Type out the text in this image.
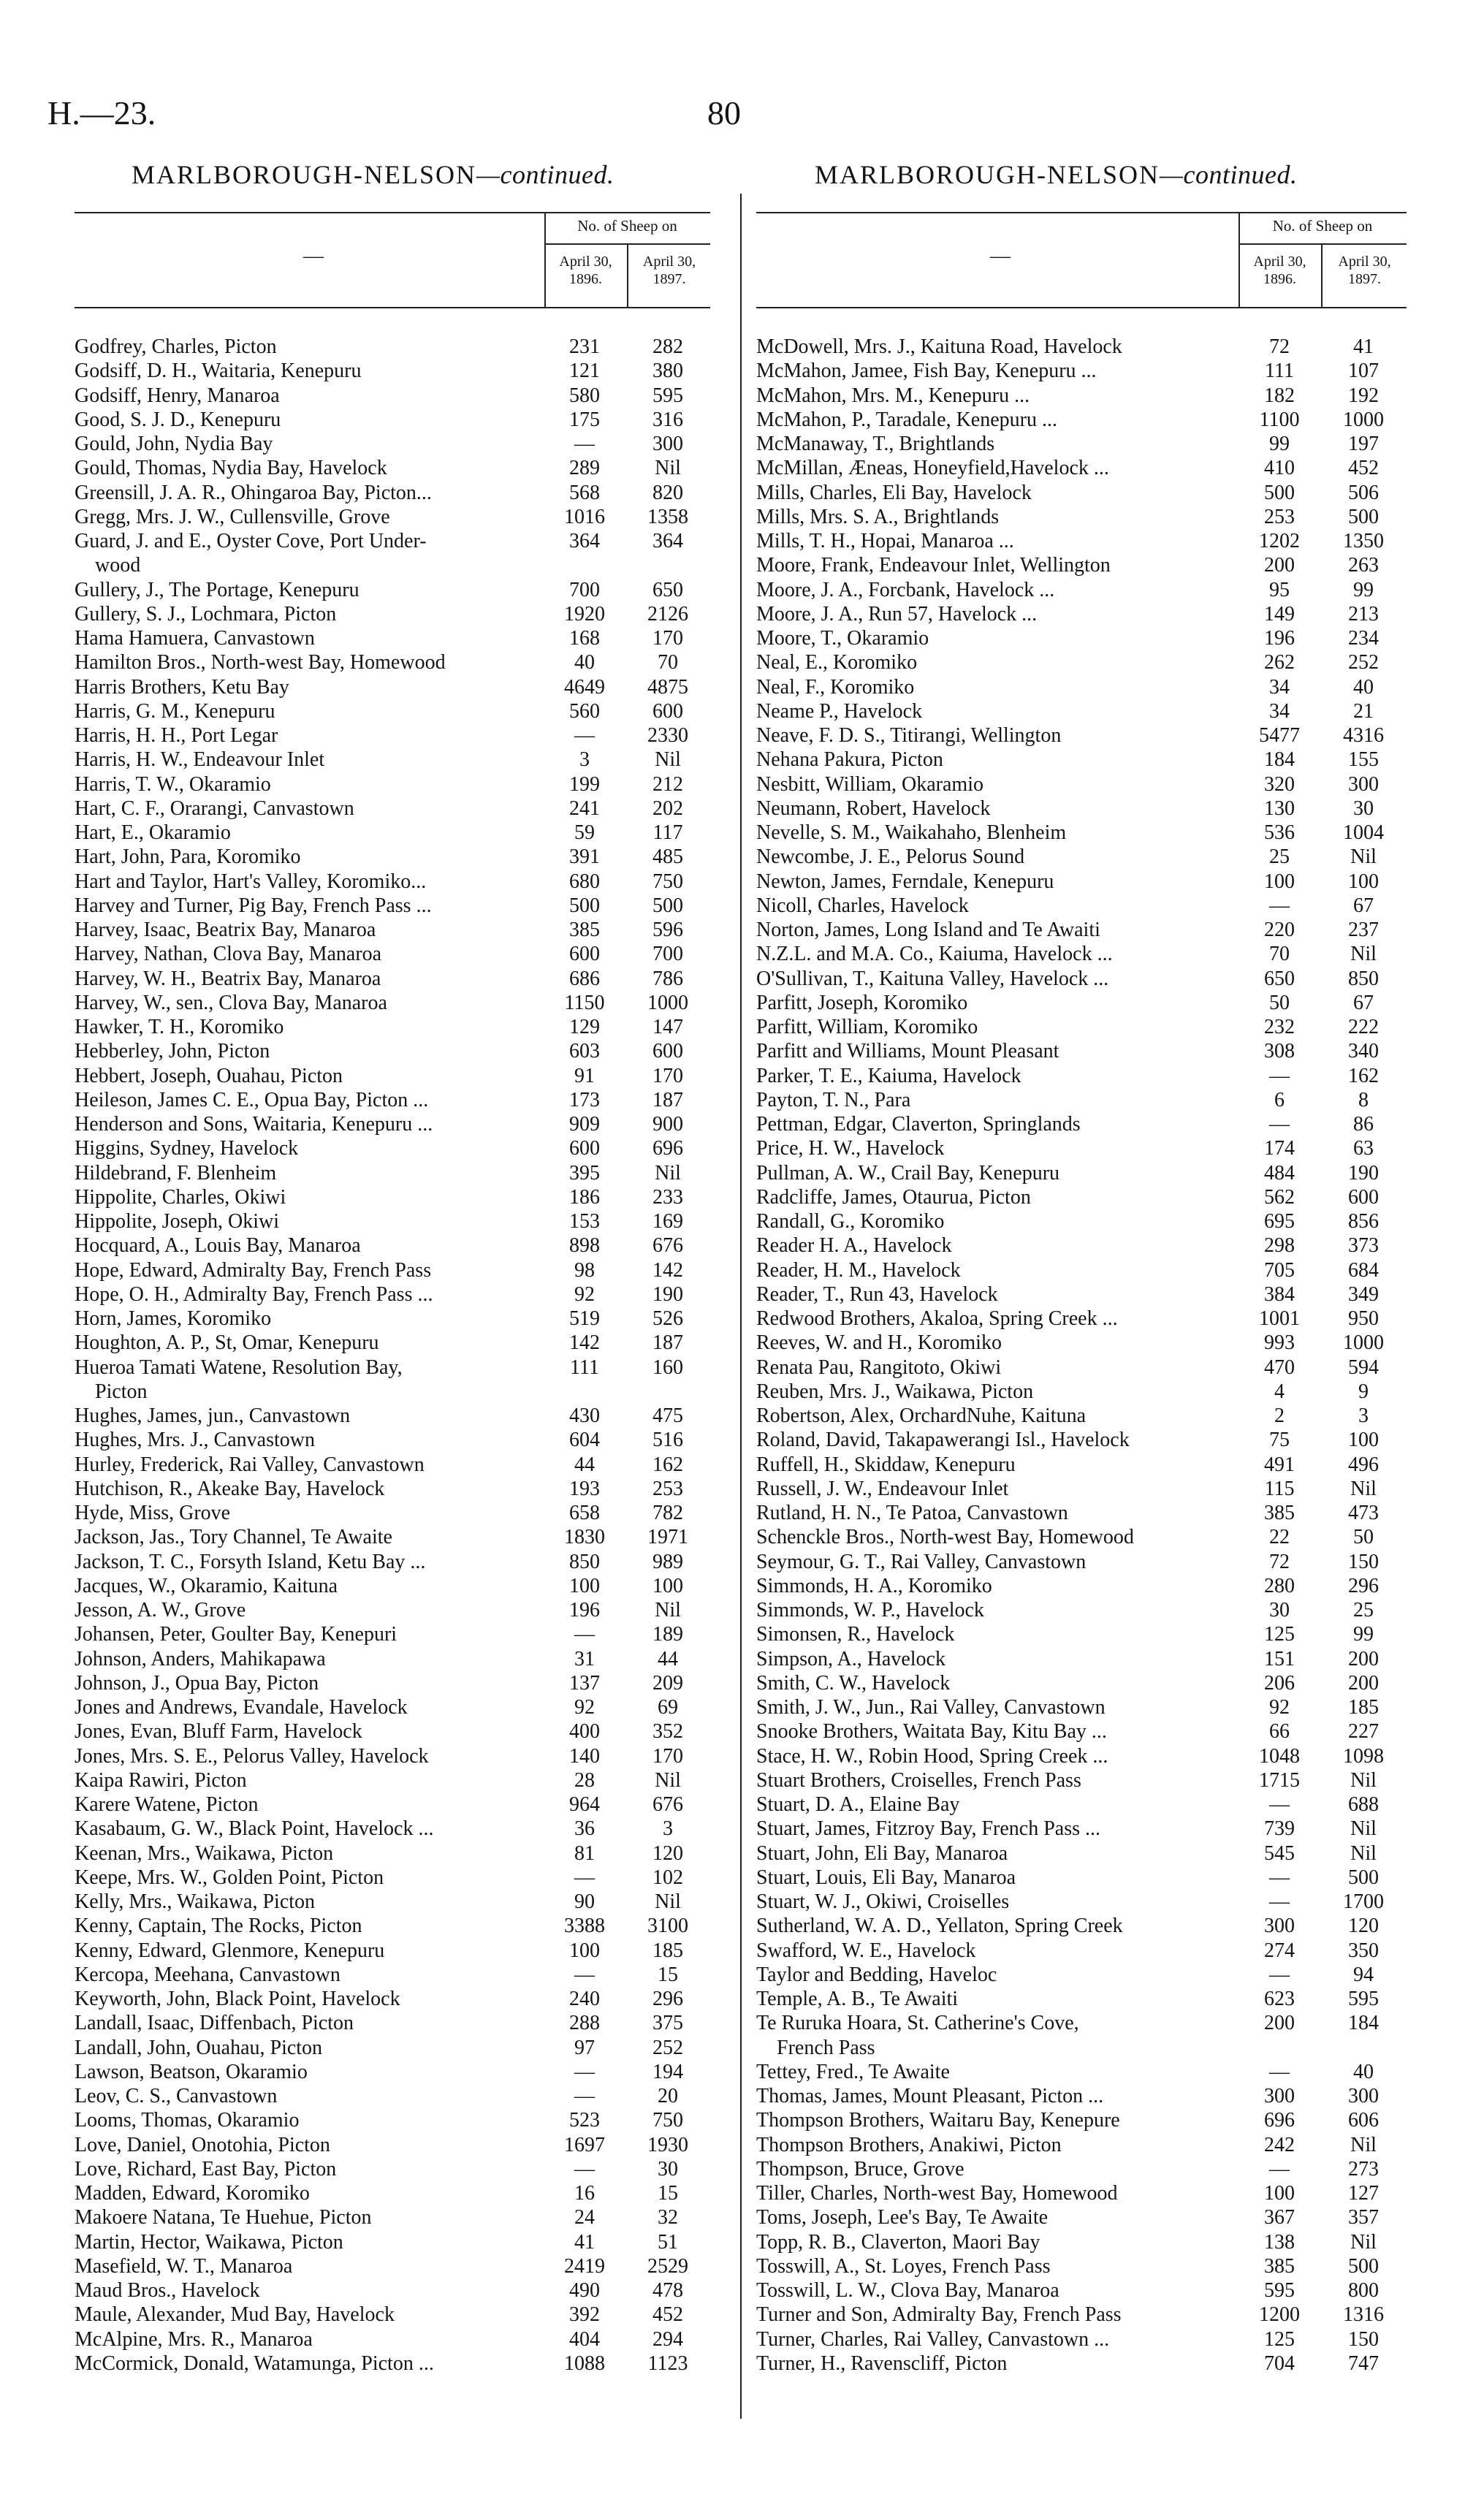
H.—23.	80
MARLBOROUGH-NELSON—continued.
—
No. of Sheep on
April 30,
1896.
April 30,
1897.
Godfrey, Charles, Picton	231	282
Godsiff, D. H., Waitaria, Kenepuru	121	380
Godsiff, Henry, Manaroa	580	595
Good, S. J. D., Kenepuru	175	316
Gould, John, Nydia Bay	—	300
Gould, Thomas, Nydia Bay, Havelock	289	Nil
Greensill, J. A. R., Ohingaroa Bay, Picton...	568	820
Gregg, Mrs. J. W., Cullensville, Grove	1016	1358
Guard, J. and E., Oyster Cove, Port Under-	364	364
wood
Gullery, J., The Portage, Kenepuru	700	650
Gullery, S. J., Lochmara, Picton	1920	2126
Hama Hamuera, Canvastown	168	170
Hamilton Bros., North-west Bay, Homewood	40	70
Harris Brothers, Ketu Bay	4649	4875
Harris, G. M., Kenepuru	560	600
Harris, H. H., Port Legar	—	2330
Harris, H. W., Endeavour Inlet	3	Nil
Harris, T. W., Okaramio	199	212
Hart, C. F., Orarangi, Canvastown	241	202
Hart, E., Okaramio	59	117
Hart, John, Para, Koromiko	391	485
Hart and Taylor, Hart's Valley, Koromiko...	680	750
Harvey and Turner, Pig Bay, French Pass ...	500	500
Harvey, Isaac, Beatrix Bay, Manaroa	385	596
Harvey, Nathan, Clova Bay, Manaroa	600	700
Harvey, W. H., Beatrix Bay, Manaroa	686	786
Harvey, W., sen., Clova Bay, Manaroa	1150	1000
Hawker, T. H., Koromiko	129	147
Hebberley, John, Picton	603	600
Hebbert, Joseph, Ouahau, Picton	91	170
Heileson, James C. E., Opua Bay, Picton ...	173	187
Henderson and Sons, Waitaria, Kenepuru ...	909	900
Higgins, Sydney, Havelock	600	696
Hildebrand, F. Blenheim	395	Nil
Hippolite, Charles, Okiwi	186	233
Hippolite, Joseph, Okiwi	153	169
Hocquard, A., Louis Bay, Manaroa	898	676
Hope, Edward, Admiralty Bay, French Pass	98	142
Hope, O. H., Admiralty Bay, French Pass ...	92	190
Horn, James, Koromiko	519	526
Houghton, A. P., St, Omar, Kenepuru	142	187
Hueroa Tamati Watene, Resolution Bay,	111	160
Picton
Hughes, James, jun., Canvastown	430	475
Hughes, Mrs. J., Canvastown	604	516
Hurley, Frederick, Rai Valley, Canvastown	44	162
Hutchison, R., Akeake Bay, Havelock	193	253
Hyde, Miss, Grove	658	782
Jackson, Jas., Tory Channel, Te Awaite	1830	1971
Jackson, T. C., Forsyth Island, Ketu Bay ...	850	989
Jacques, W., Okaramio, Kaituna	100	100
Jesson, A. W., Grove	196	Nil
Johansen, Peter, Goulter Bay, Kenepuri	—	189
Johnson, Anders, Mahikapawa	31	44
Johnson, J., Opua Bay, Picton	137	209
Jones and Andrews, Evandale, Havelock	92	69
Jones, Evan, Bluff Farm, Havelock	400	352
Jones, Mrs. S. E., Pelorus Valley, Havelock	140	170
Kaipa Rawiri, Picton	28	Nil
Karere Watene, Picton	964	676
Kasabaum, G. W., Black Point, Havelock ...	36	3
Keenan, Mrs., Waikawa, Picton	81	120
Keepe, Mrs. W., Golden Point, Picton	—	102
Kelly, Mrs., Waikawa, Picton	90	Nil
Kenny, Captain, The Rocks, Picton	3388	3100
Kenny, Edward, Glenmore, Kenepuru	100	185
Kercopa, Meehana, Canvastown	—	15
Keyworth, John, Black Point, Havelock	240	296
Landall, Isaac, Diffenbach, Picton	288	375
Landall, John, Ouahau, Picton	97	252
Lawson, Beatson, Okaramio	—	194
Leov, C. S., Canvastown	—	20
Looms, Thomas, Okaramio	523	750
Love, Daniel, Onotohia, Picton	1697	1930
Love, Richard, East Bay, Picton	—	30
Madden, Edward, Koromiko	16	15
Makoere Natana, Te Huehue, Picton	24	32
Martin, Hector, Waikawa, Picton	41	51
Masefield, W. T., Manaroa	2419	2529
Maud Bros., Havelock	490	478
Maule, Alexander, Mud Bay, Havelock	392	452
McAlpine, Mrs. R., Manaroa	404	294
McCormick, Donald, Watamunga, Picton ...	1088	1123
MARLBOROUGH-NELSON—continued.
—
No. of Sheep on
April 30,
1896.
April 30,
1897.
McDowell, Mrs. J., Kaituna Road, Havelock	72	41
McMahon, Jamee, Fish Bay, Kenepuru ...	111	107
McMahon, Mrs. M., Kenepuru ...	182	192
McMahon, P., Taradale, Kenepuru ...	1100	1000
McManaway, T., Brightlands	99	197
McMillan, Æneas, Honeyfield,Havelock ...	410	452
Mills, Charles, Eli Bay, Havelock	500	506
Mills, Mrs. S. A., Brightlands	253	500
Mills, T. H., Hopai, Manaroa ...	1202	1350
Moore, Frank, Endeavour Inlet, Wellington	200	263
Moore, J. A., Forcbank, Havelock ...	95	99
Moore, J. A., Run 57, Havelock ...	149	213
Moore, T., Okaramio	196	234
Neal, E., Koromiko	262	252
Neal, F., Koromiko	34	40
Neame P., Havelock	34	21
Neave, F. D. S., Titirangi, Wellington	5477	4316
Nehana Pakura, Picton	184	155
Nesbitt, William, Okaramio	320	300
Neumann, Robert, Havelock	130	30
Nevelle, S. M., Waikahaho, Blenheim	536	1004
Newcombe, J. E., Pelorus Sound	25	Nil
Newton, James, Ferndale, Kenepuru	100	100
Nicoll, Charles, Havelock	—	67
Norton, James, Long Island and Te Awaiti	220	237
N.Z.L. and M.A. Co., Kaiuma, Havelock ...	70	Nil
O'Sullivan, T., Kaituna Valley, Havelock ...	650	850
Parfitt, Joseph, Koromiko	50	67
Parfitt, William, Koromiko	232	222
Parfitt and Williams, Mount Pleasant	308	340
Parker, T. E., Kaiuma, Havelock	—	162
Payton, T. N., Para	6	8
Pettman, Edgar, Claverton, Springlands	—	86
Price, H. W., Havelock	174	63
Pullman, A. W., Crail Bay, Kenepuru	484	190
Radcliffe, James, Otaurua, Picton	562	600
Randall, G., Koromiko	695	856
Reader H. A., Havelock	298	373
Reader, H. M., Havelock	705	684
Reader, T., Run 43, Havelock	384	349
Redwood Brothers, Akaloa, Spring Creek ...	1001	950
Reeves, W. and H., Koromiko	993	1000
Renata Pau, Rangitoto, Okiwi	470	594
Reuben, Mrs. J., Waikawa, Picton	4	9
Robertson, Alex, OrchardNuhe, Kaituna	2	3
Roland, David, Takapawerangi Isl., Havelock	75	100
Ruffell, H., Skiddaw, Kenepuru	491	496
Russell, J. W., Endeavour Inlet	115	Nil
Rutland, H. N., Te Patoa, Canvastown	385	473
Schenckle Bros., North-west Bay, Homewood	22	50
Seymour, G. T., Rai Valley, Canvastown	72	150
Simmonds, H. A., Koromiko	280	296
Simmonds, W. P., Havelock	30	25
Simonsen, R., Havelock	125	99
Simpson, A., Havelock	151	200
Smith, C. W., Havelock	206	200
Smith, J. W., Jun., Rai Valley, Canvastown	92	185
Snooke Brothers, Waitata Bay, Kitu Bay ...	66	227
Stace, H. W., Robin Hood, Spring Creek ...	1048	1098
Stuart Brothers, Croiselles, French Pass	1715	Nil
Stuart, D. A., Elaine Bay	—	688
Stuart, James, Fitzroy Bay, French Pass ...	739	Nil
Stuart, John, Eli Bay, Manaroa	545	Nil
Stuart, Louis, Eli Bay, Manaroa	—	500
Stuart, W. J., Okiwi, Croiselles	—	1700
Sutherland, W. A. D., Yellaton, Spring Creek	300	120
Swafford, W. E., Havelock	274	350
Taylor and Bedding, Haveloc	—	94
Temple, A. B., Te Awaiti	623	595
Te Ruruka Hoara, St. Catherine's Cove,	200	184
French Pass
Tettey, Fred., Te Awaite	—	40
Thomas, James, Mount Pleasant, Picton ...	300	300
Thompson Brothers, Waitaru Bay, Kenepure	696	606
Thompson Brothers, Anakiwi, Picton	242	Nil
Thompson, Bruce, Grove	—	273
Tiller, Charles, North-west Bay, Homewood	100	127
Toms, Joseph, Lee's Bay, Te Awaite	367	357
Topp, R. B., Claverton, Maori Bay	138	Nil
Tosswill, A., St. Loyes, French Pass	385	500
Tosswill, L. W., Clova Bay, Manaroa	595	800
Turner and Son, Admiralty Bay, French Pass	1200	1316
Turner, Charles, Rai Valley, Canvastown ...	125	150
Turner, H., Ravenscliff, Picton	704	747
